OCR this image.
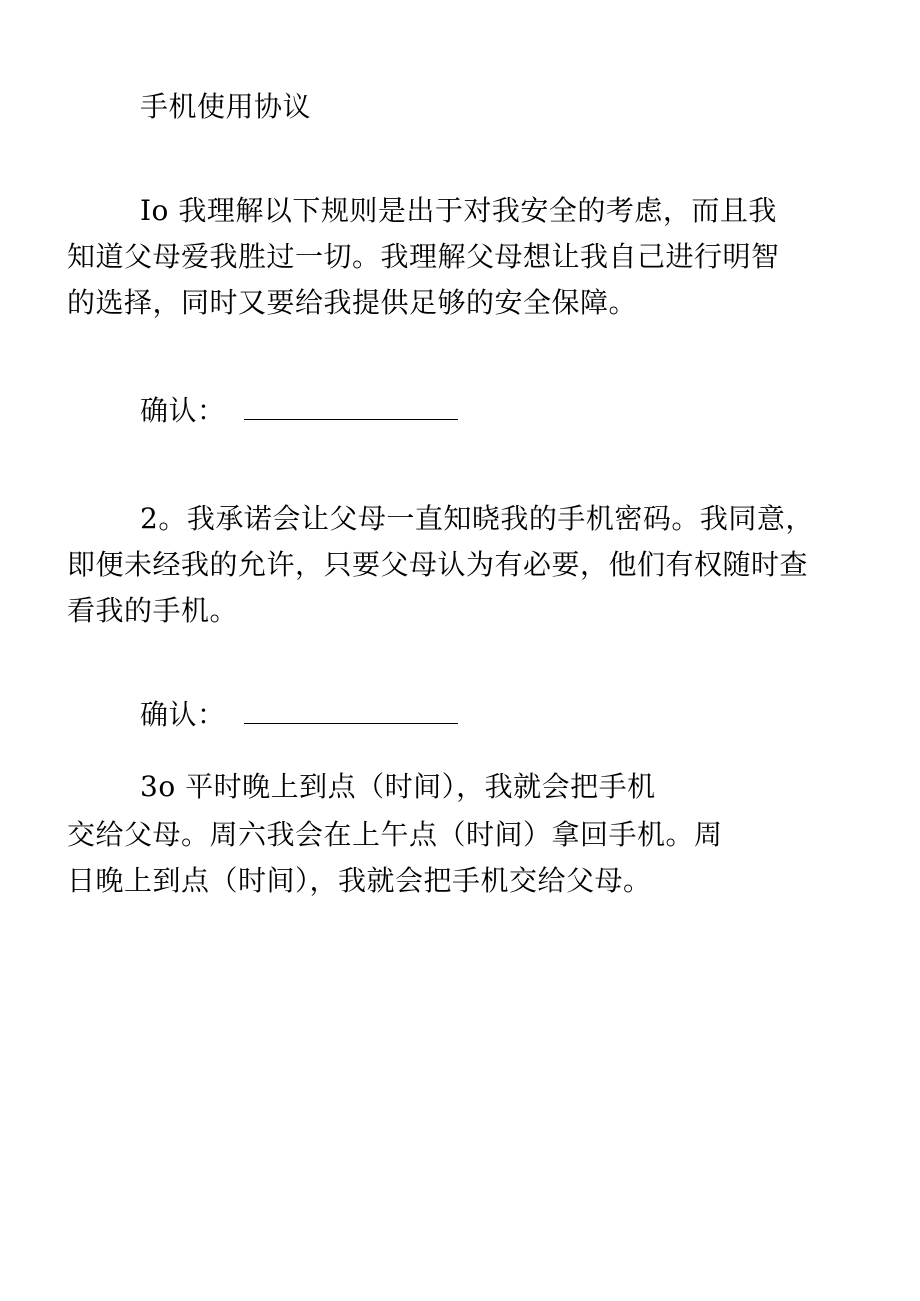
手机使用协议
Io 我理解以下规则是出于对我安全的考虑，而且我
知道父母爱我胜过一切。我理解父母想让我自己进行明智
的选择，同时又要给我提供足够的安全保障。
确认：
2。我承诺会让父母一直知晓我的手机密码。我同意，
即便未经我的允许，只要父母认为有必要，他们有权随时查
看我的手机。
确认：
3o 平时晚上到点（时间），我就会把手机
交给父母。周六我会在上午点（时间）拿回手机。周
日晚上到点（时间），我就会把手机交给父母。
